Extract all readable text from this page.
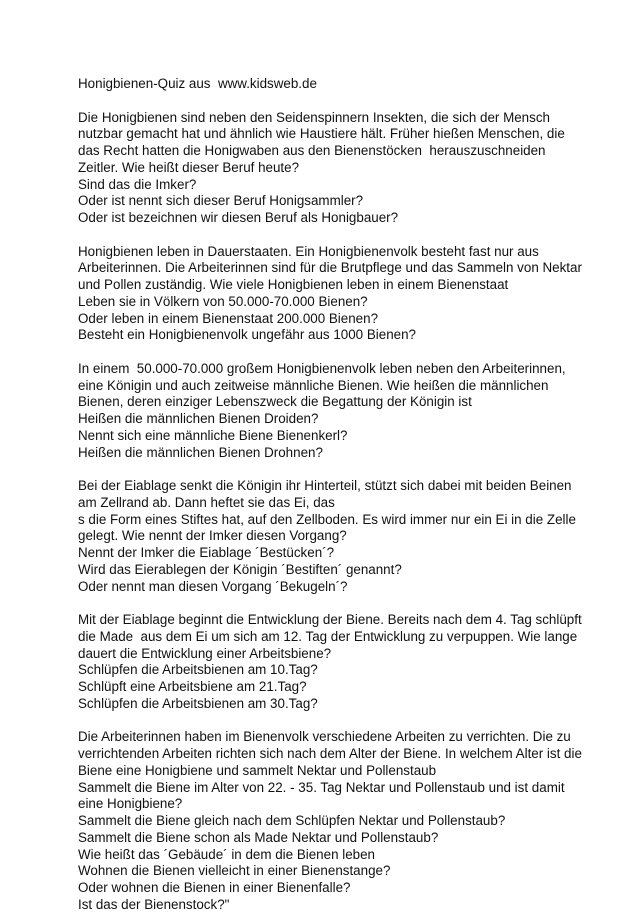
Honigbienen-Quiz aus  www.kidsweb.de
Die Honigbienen sind neben den Seidenspinnern Insekten, die sich der Mensch
nutzbar gemacht hat und ähnlich wie Haustiere hält. Früher hießen Menschen, die
das Recht hatten die Honigwaben aus den Bienenstöcken  herauszuschneiden
Zeitler. Wie heißt dieser Beruf heute?
Sind das die Imker?
Oder ist nennt sich dieser Beruf Honigsammler?
Oder ist bezeichnen wir diesen Beruf als Honigbauer?
Honigbienen leben in Dauerstaaten. Ein Honigbienenvolk besteht fast nur aus
Arbeiterinnen. Die Arbeiterinnen sind für die Brutpflege und das Sammeln von Nektar
und Pollen zuständig. Wie viele Honigbienen leben in einem Bienenstaat
Leben sie in Völkern von 50.000-70.000 Bienen?
Oder leben in einem Bienenstaat 200.000 Bienen?
Besteht ein Honigbienenvolk ungefähr aus 1000 Bienen?
In einem  50.000-70.000 großem Honigbienenvolk leben neben den Arbeiterinnen,
eine Königin und auch zeitweise männliche Bienen. Wie heißen die männlichen
Bienen, deren einziger Lebenszweck die Begattung der Königin ist
Heißen die männlichen Bienen Droiden?
Nennt sich eine männliche Biene Bienenkerl?
Heißen die männlichen Bienen Drohnen?
Bei der Eiablage senkt die Königin ihr Hinterteil, stützt sich dabei mit beiden Beinen
am Zellrand ab. Dann heftet sie das Ei, das
s die Form eines Stiftes hat, auf den Zellboden. Es wird immer nur ein Ei in die Zelle
gelegt. Wie nennt der Imker diesen Vorgang?
Nennt der Imker die Eiablage ´Bestücken´?
Wird das Eierablegen der Königin ´Bestiften´ genannt?
Oder nennt man diesen Vorgang ´Bekugeln´?
Mit der Eiablage beginnt die Entwicklung der Biene. Bereits nach dem 4. Tag schlüpft
die Made  aus dem Ei um sich am 12. Tag der Entwicklung zu verpuppen. Wie lange
dauert die Entwicklung einer Arbeitsbiene?
Schlüpfen die Arbeitsbienen am 10.Tag?
Schlüpft eine Arbeitsbiene am 21.Tag?
Schlüpfen die Arbeitsbienen am 30.Tag?
Die Arbeiterinnen haben im Bienenvolk verschiedene Arbeiten zu verrichten. Die zu
verrichtenden Arbeiten richten sich nach dem Alter der Biene. In welchem Alter ist die
Biene eine Honigbiene und sammelt Nektar und Pollenstaub
Sammelt die Biene im Alter von 22. - 35. Tag Nektar und Pollenstaub und ist damit
eine Honigbiene?
Sammelt die Biene gleich nach dem Schlüpfen Nektar und Pollenstaub?
Sammelt die Biene schon als Made Nektar und Pollenstaub?
Wie heißt das ´Gebäude´ in dem die Bienen leben
Wohnen die Bienen vielleicht in einer Bienenstange?
Oder wohnen die Bienen in einer Bienenfalle?
Ist das der Bienenstock?"
